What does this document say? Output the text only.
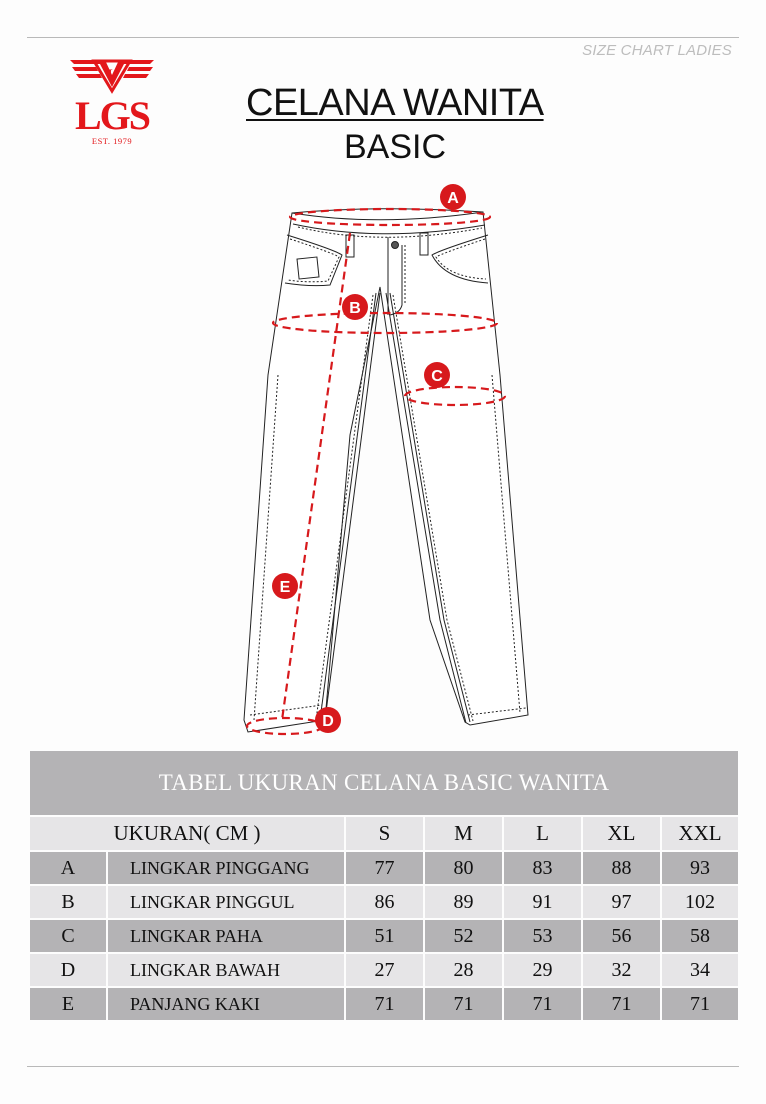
SIZE CHART LADIES
L
LGS
EST. 1979
CELANA WANITA
BASIC
A
B
C
D
E
TABEL UKURAN CELANA BASIC WANITA						
UKURAN( CM )		S	M	L	XL	XXL
A	LINGKAR PINGGANG	77	80	83	88	93
B	LINGKAR PINGGUL	86	89	91	97	102
C	LINGKAR PAHA	51	52	53	56	58
D	LINGKAR BAWAH	27	28	29	32	34
E	PANJANG KAKI	71	71	71	71	71
